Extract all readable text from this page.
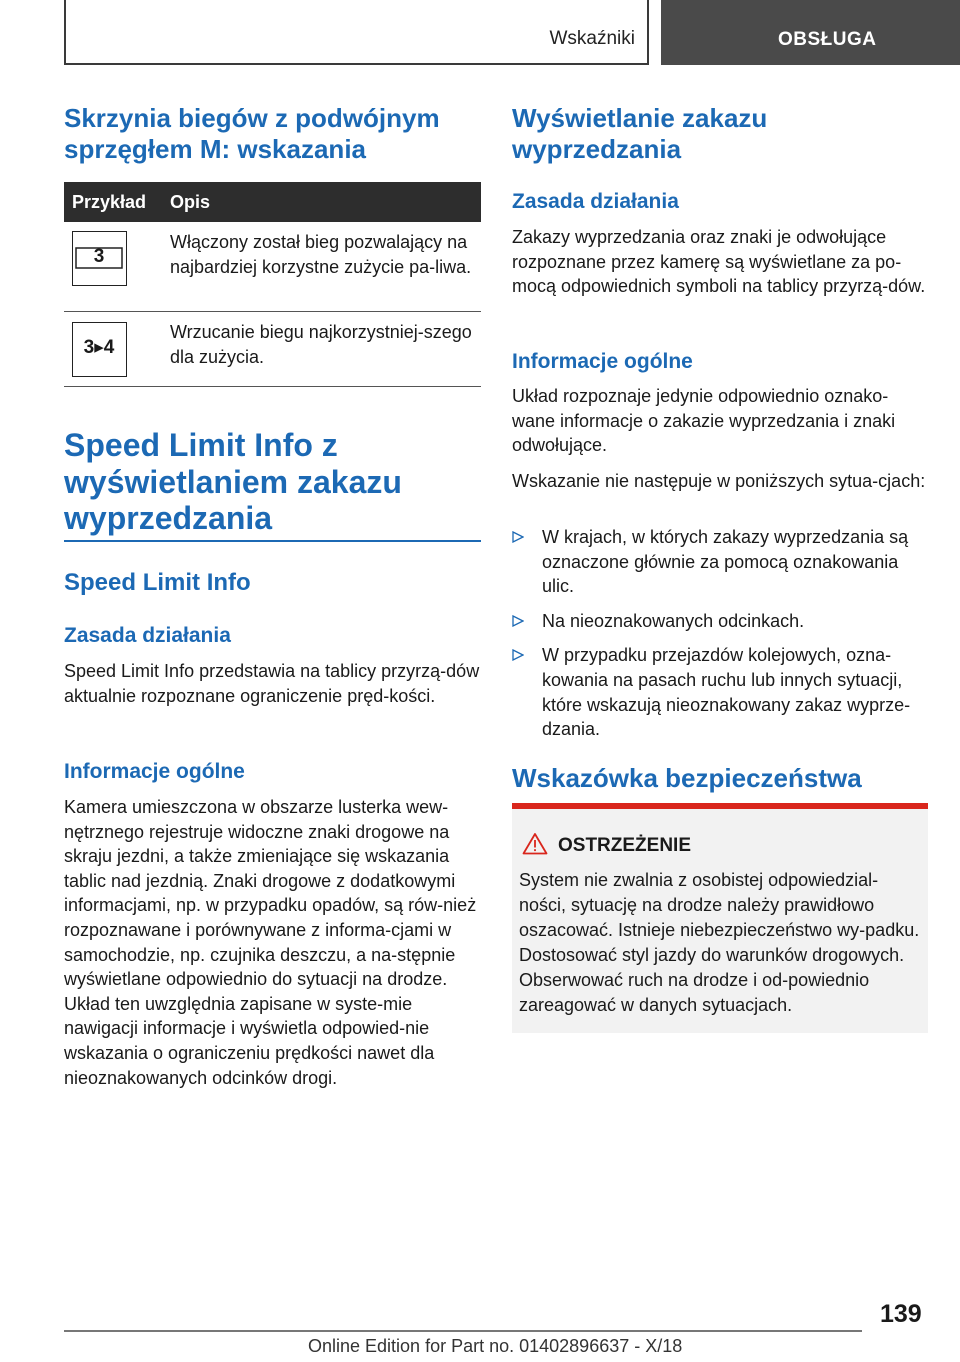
Wskaźniki	OBSŁUGA
Skrzynia biegów z podwójnym sprzęgłem M: wskazania
Przykład Opis
3
Włączony został bieg pozwalający na najbardziej korzystne zużycie pa-liwa.
3▸4
Wrzucanie biegu najkorzystniej-szego dla zużycia.
Speed Limit Info z wyświetlaniem zakazu wyprzedzania
Speed Limit Info
Zasada działania

Speed Limit Info przedstawia na tablicy przyrzą-dów aktualnie rozpoznane ograniczenie pręd-kości.

Informacje ogólne

Kamera umieszczona w obszarze lusterka wew-nętrznego rejestruje widoczne znaki drogowe na skraju jezdni, a także zmieniające się wskazania tablic nad jezdnią. Znaki drogowe z dodatkowymi informacjami, np. w przypadku opadów, są rów-nież rozpoznawane i porównywane z informa-cjami w samochodzie, np. czujnika deszczu, a na-stępnie wyświetlane odpowiednio do sytuacji na drodze. Układ ten uwzględnia zapisane w syste-mie nawigacji informacje i wyświetla odpowied-nie wskazania o ograniczeniu prędkości nawet dla nieoznakowanych odcinków drogi.

Wyświetlanie zakazu wyprzedzania
Zasada działania

Zakazy wyprzedzania oraz znaki je odwołujące rozpoznane przez kamerę są wyświetlane za po-mocą odpowiednich symboli na tablicy przyrzą-dów.

Informacje ogólne

Układ rozpoznaje jedynie odpowiednio oznako-wane informacje o zakazie wyprzedzania i znaki odwołujące.

Wskazanie nie następuje w poniższych sytua-cjach:

W krajach, w których zakazy wyprzedzania są oznaczone głównie za pomocą oznakowania ulic.
Na nieoznakowanych odcinkach.
W przypadku przejazdów kolejowych, ozna-kowania na pasach ruchu lub innych sytuacji, które wskazują nieoznakowany zakaz wyprze-dzania.
Wskazówka bezpieczeństwa
OSTRZEŻENIE

System nie zwalnia z osobistej odpowiedzial-ności, sytuację na drodze należy prawidłowo oszacować. Istnieje niebezpieczeństwo wy-padku. Dostosować styl jazdy do warunków drogowych. Obserwować ruch na drodze i od-powiednio zareagować w danych sytuacjach.

139
Online Edition for Part no. 01402896637 - X/18
